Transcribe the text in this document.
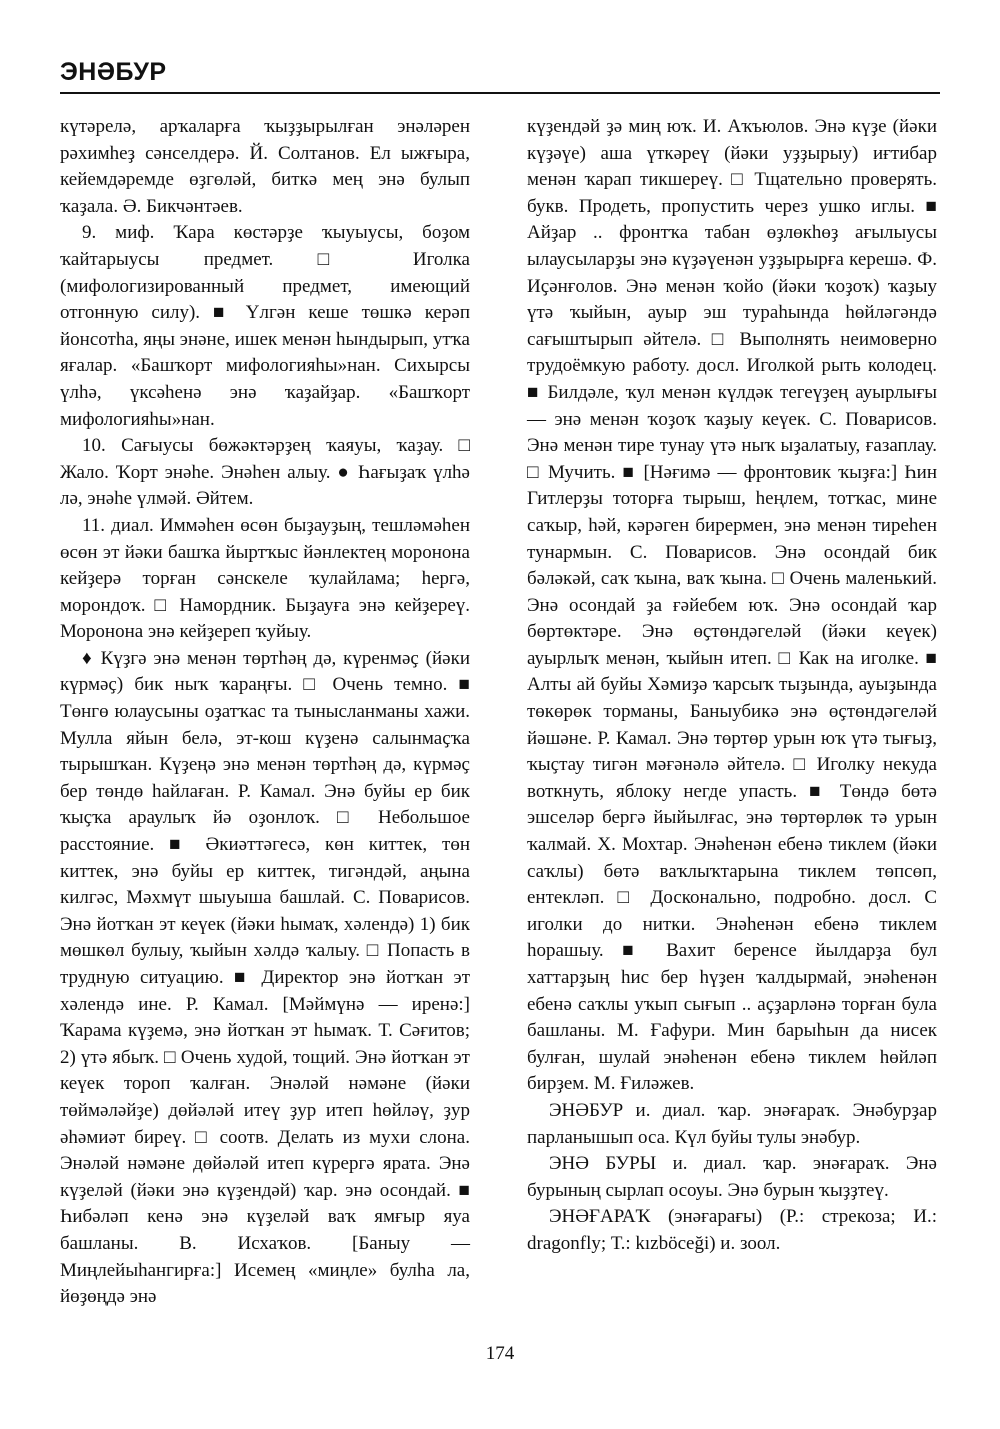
ЭНӘБУР

күтәрелә, арҡаларға ҡыҙҙырылған энәләрен рәхимһеҙ сәнселдерә. Й. Солтанов. Ел ыжғыра, кейемдәремде өҙгөләй, биткә мең энә булып ҡаҙала. Ә. Бикчәнтәев.

9. миф. Ҡара көстәрҙе ҡыуыусы, боҙом ҡайтарыусы предмет. □ Иголка (мифологизированный предмет, имеющий отгонную силу). ■ Үлгән кеше төшкә керәп йонсотһа, яңы энәне, ишек менән һындырып, утҡа яғалар. «Башҡорт мифологияһы»нан. Сихырсы үлһә, үксәһенә энә ҡаҙайҙар. «Башҡорт мифологияһы»нан.

10. Сағыусы бөжәктәрҙең ҡаяуы, ҡаҙау. □ Жало. Ҡорт энәһе. Энәһен алыу. ● Һағыҙаҡ үлһә лә, энәһе үлмәй. Әйтем.

11. диал. Иммәһен өсөн быҙауҙың, тешләмәһен өсөн эт йәки башҡа йыртҡыс йәнлектең моронона кейҙерә торған сәнскеле ҡулайлама; һергә, морондоҡ. □ Намордник. Быҙауға энә кейҙереү. Морононa энә кейҙереп ҡуйыу.

♦ Күҙгә энә менән төртһәң дә, күренмәҫ (йәки күрмәҫ) бик ныҡ ҡараңғы. □ Очень темно. ■ Төнгө юлаусыны оҙатҡас та тынысланманы хажи. Мулла яйын белә, эт-кош күҙенә салынмаҫҡа тырышҡан. Күҙеңә энә менән төртһәң дә, күрмәҫ бер төндө һайлаған. Р. Камал. Энә буйы ер бик ҡыҫҡа араулыҡ йә оҙонлоҡ. □ Небольшое расстояние. ■ Әкиәттәгесә, көн киттек, төн киттек, энә буйы ер киттек, тигәндәй, аңына килгәс, Мәхмүт шыуыша башлай. С. Поварисов. Энә йотҡан эт кеүек (йәки һымаҡ, хәлендә) 1) бик мөшкөл булыу, ҡыйын хәлдә ҡалыу. □ Попасть в трудную ситуацию. ■ Директор энә йотҡан эт хәлендә ине. Р. Камал. [Мәймүнә — иренә:] Ҡарама күҙемә, энә йотҡан эт һымаҡ. Т. Сәғитов; 2) үтә ябыҡ. □ Очень худой, тощий. Энә йотҡан эт кеүек тороп ҡалған. Энәләй нәмәне (йәки төймәләйҙе) дөйәләй итеү ҙур итеп һөйләү, ҙур әһәмиәт биреү. □ соотв. Делать из мухи слона. Энәләй нәмәне дөйәләй итеп күрергә ярата. Энә күҙеләй (йәки энә күҙендәй) ҡар. энә осондай. ■ Һибәләп кенә энә күҙеләй ваҡ ямғыр яуа башланы. В. Исхаҡов. [Баныу — Миңлейыһангирға:] Исемең «миңле» булһа ла, йөҙөңдә энә

күҙендәй ҙә миң юҡ. И. Аҡъюлов. Энә күҙе (йәки күҙәүе) аша үткәреү (йәки уҙҙырыу) иғтибар менән ҡарап тикшереү. □ Тщательно проверять. букв. Продеть, пропустить через ушко иглы. ■ Айҙар .. фронтҡа табан өҙлөкһөҙ ағылыусы ылаусыларҙы энә күҙәүенән уҙҙырырға керешә. Ф. Иҫәнғолов. Энә менән ҡойо (йәки ҡоҙоҡ) ҡаҙыу үтә ҡыйын, ауыр эш тураһында һөйләгәндә сағыштырып әйтелә. □ Выполнять неимоверно трудоёмкую работу. досл. Иголкой рыть колодец. ■ Билдәле, ҡул менән күлдәк тегеүҙең ауырлығы — энә менән ҡоҙоҡ ҡаҙыу кеүек. С. Поварисов. Энә менән тире тунау үтә ныҡ ыҙалатыу, ғазаплау. □ Мучить. ■ [Нәғимә — фронтовик ҡыҙға:] Һин Гитлерҙы тоторға тырыш, һеңлем, тотҡас, мине саҡыр, һәй, кәрәген бирермен, энә менән тиреһен тунармын. С. Поварисов. Энә осондай бик бәләкәй, саҡ ҡына, ваҡ ҡына. □ Очень маленький. Энә осондай ҙа ғәйебем юҡ. Энә осондай ҡар бөртөктәре. Энә өҫтөндәгеләй (йәки кеүек) ауырлыҡ менән, ҡыйын итеп. □ Как на иголке. ■ Алты ай буйы Хәмиҙә ҡарсыҡ тыҙында, ауыҙында төкөрөк торманы, Баныубикә энә өҫтөндәгеләй йәшәне. Р. Камал. Энә төртөр урын юҡ үтә тығыҙ, ҡыҫтау тигән мәғәнәлә әйтелә. □ Иголку некуда воткнуть, яблоку негде упасть. ■ Төндә бөтә эшселәр бергә йыйылғас, энә төртөрлөк тә урын ҡалмай. Х. Мохтар. Энәһенән ебенә тиклем (йәки саҡлы) бөтә ваҡлыҡтарына тиклем төпсөп, ентекләп. □ Досконально, подробно. досл. С иголки до нитки. Энәһенән ебенә тиклем һорашыу. ■ Вахит беренсе йылдарҙа бул хаттарҙың һис бер һүҙен ҡалдырмай, энәһенән ебенә саҡлы уҡып сығып .. аҫҙарләнә торған була башланы. М. Ғафури. Мин барыһын да нисек булған, шулай энәһенән ебенә тиклем һөйләп бирҙем. М. Ғиләжев.

ЭНӘБУР и. диал. ҡар. энәғараҡ. Энәбурҙар парланышып оса. Күл буйы тулы энәбур.

ЭНӘ БУРЫ и. диал. ҡар. энәғараҡ. Энә бурының сырлап осоуы. Энә бурын ҡыҙҙтеү.

ЭНӘҒАРАҠ (энәғарағы) (Р.: стрекоза; И.: dragonfly; Т.: kızböceği) и. зоол.

174
